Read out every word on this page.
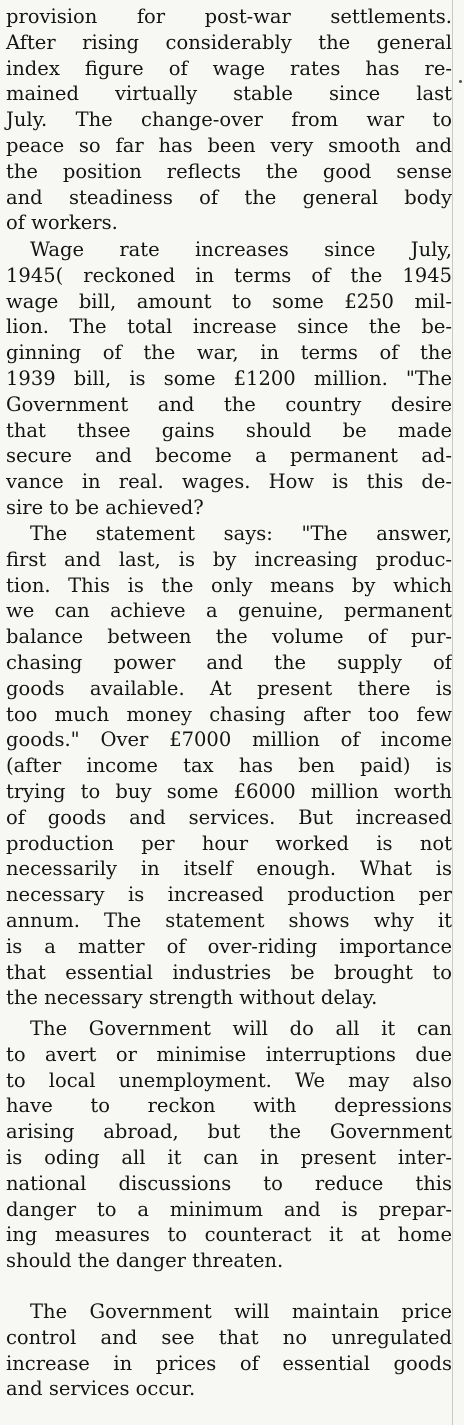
provision for post-war settlements.
After rising considerably the general
index figure of wage rates has re-
mained virtually stable since last
July. The change-over from war to
peace so far has been very smooth and
the position reflects the good sense
and steadiness of the general body
of workers.
Wage rate increases since July,
1945( reckoned in terms of the 1945
wage bill, amount to some £250 mil-
lion. The total increase since the be-
ginning of the war, in terms of the
1939 bill, is some £1200 million. "The
Government and the country desire
that thsee gains should be made
secure and become a permanent ad-
vance in real. wages. How is this de-
sire to be achieved?
The statement says: "The answer,
first and last, is by increasing produc-
tion. This is the only means by which
we can achieve a genuine, permanent
balance between the volume of pur-
chasing power and the supply of
goods available. At present there is
too much money chasing after too few
goods." Over £7000 million of income
(after income tax has ben paid) is
trying to buy some £6000 million worth
of goods and services. But increased
production per hour worked is not
necessarily in itself enough. What is
necessary is increased production per
annum. The statement shows why it
is a matter of over-riding importance
that essential industries be brought to
the necessary strength without delay.
The Government will do all it can
to avert or minimise interruptions due
to local unemployment. We may also
have to reckon with depressions
arising abroad, but the Government
is oding all it can in present inter-
national discussions to reduce this
danger to a minimum and is prepar-
ing measures to counteract it at home
should the danger threaten.
The Government will maintain price
control and see that no unregulated
increase in prices of essential goods
and services occur.
